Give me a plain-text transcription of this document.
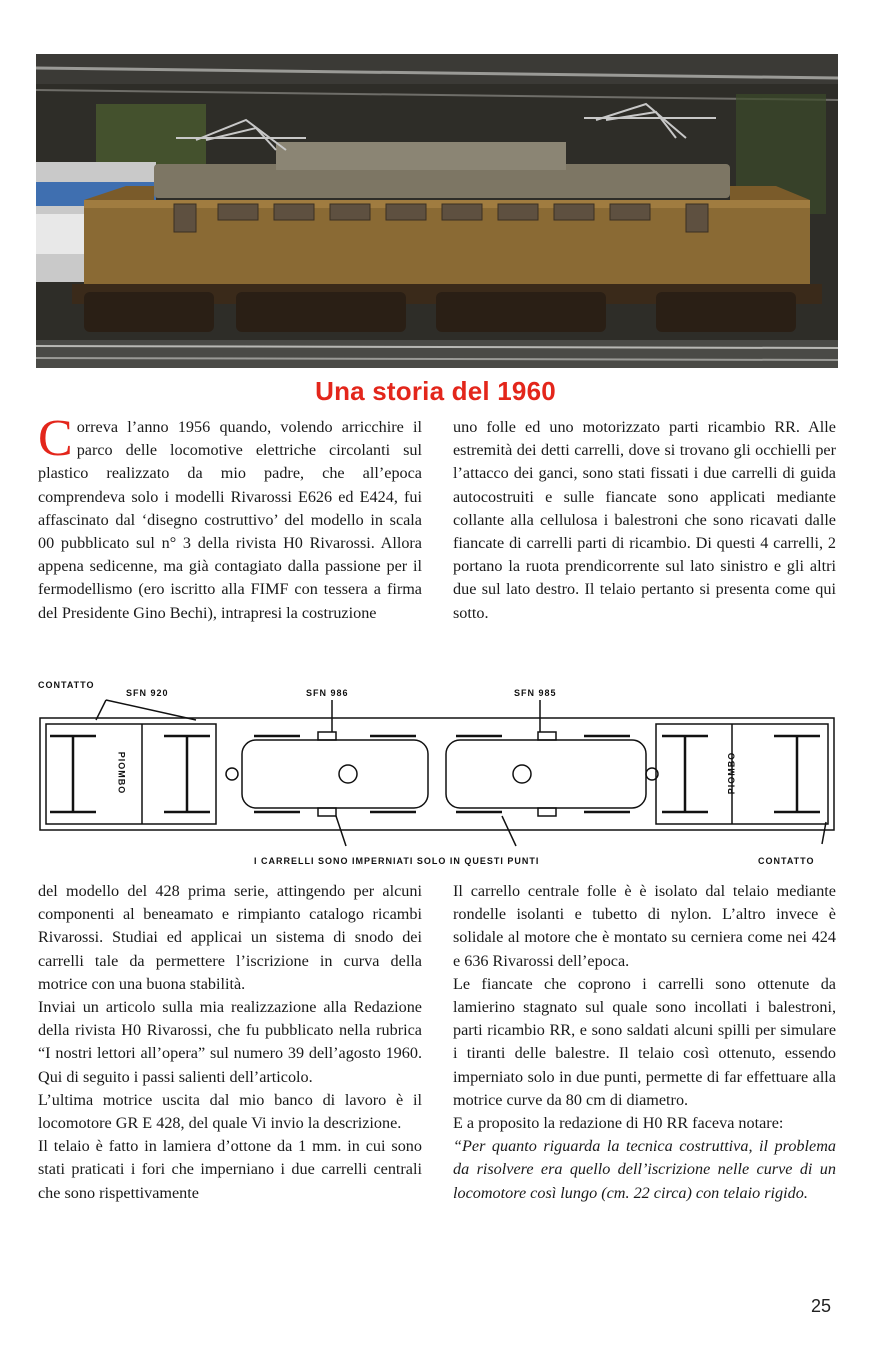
Una storia del 1960

Correva l’anno 1956 quando, volendo arricchire il parco delle locomotive elettriche circolanti sul plastico realizzato da mio padre, che all’epoca comprendeva solo i modelli Rivarossi E626 ed E424, fui affascinato dal ‘disegno costruttivo’ del modello in scala 00 pubblicato sul n° 3 della rivista H0 Rivarossi. Allora appena sedicenne, ma già contagiato dalla passione per il fermodellismo (ero iscritto alla FIMF con tessera a firma del Presidente Gino Bechi), intrapresi la costruzione

uno folle ed uno motorizzato parti ricambio RR. Alle estremità dei detti carrelli, dove si trovano gli occhielli per l’attacco dei ganci, sono stati fissati i due carrelli di guida autocostruiti e sulle fiancate sono applicati mediante collante alla cellulosa i balestroni che sono ricavati dalle fiancate di carrelli parti di ricambio. Di questi 4 carrelli, 2 portano la ruota prendicorrente sul lato sinistro e gli altri due sul lato destro. Il telaio pertanto si presenta come qui sotto.

CONTATTO
SFN 920	SFN 986	SFN 985
PIOMBO	PIOMBO
I CARRELLI SONO IMPERNIATI SOLO IN QUESTI PUNTI	CONTATTO

del modello del 428 prima serie, attingendo per alcuni componenti al beneamato e rimpianto catalogo ricambi Rivarossi. Studiai ed applicai un sistema di snodo dei carrelli tale da permettere l’iscrizione in curva della motrice con una buona stabilità.

Inviai un articolo sulla mia realizzazione alla Redazione della rivista H0 Rivarossi, che fu pubblicato nella rubrica “I nostri lettori all’opera” sul numero 39 dell’agosto 1960. Qui di seguito i passi salienti dell’articolo.

L’ultima motrice uscita dal mio banco di lavoro è il locomotore GR E 428, del quale Vi invio la descrizione.

Il telaio è fatto in lamiera d’ottone da 1 mm. in cui sono stati praticati i fori che imperniano i due carrelli centrali che sono rispettivamente

Il carrello centrale folle è è isolato dal telaio mediante rondelle isolanti e tubetto di nylon. L’altro invece è solidale al motore che è montato su cerniera come nei 424 e 636 Rivarossi dell’epoca.

Le fiancate che coprono i carrelli sono ottenute da lamierino stagnato sul quale sono incollati i balestroni, parti ricambio RR, e sono saldati alcuni spilli per simulare i tiranti delle balestre. Il telaio così ottenuto, essendo imperniato solo in due punti, permette di far effettuare alla motrice curve da 80 cm di diametro.

E a proposito la redazione di H0 RR faceva notare:

“Per quanto riguarda la tecnica costruttiva, il problema da risolvere era quello dell’iscrizione nelle curve di un locomotore così lungo (cm. 22 circa) con telaio rigido.

25
